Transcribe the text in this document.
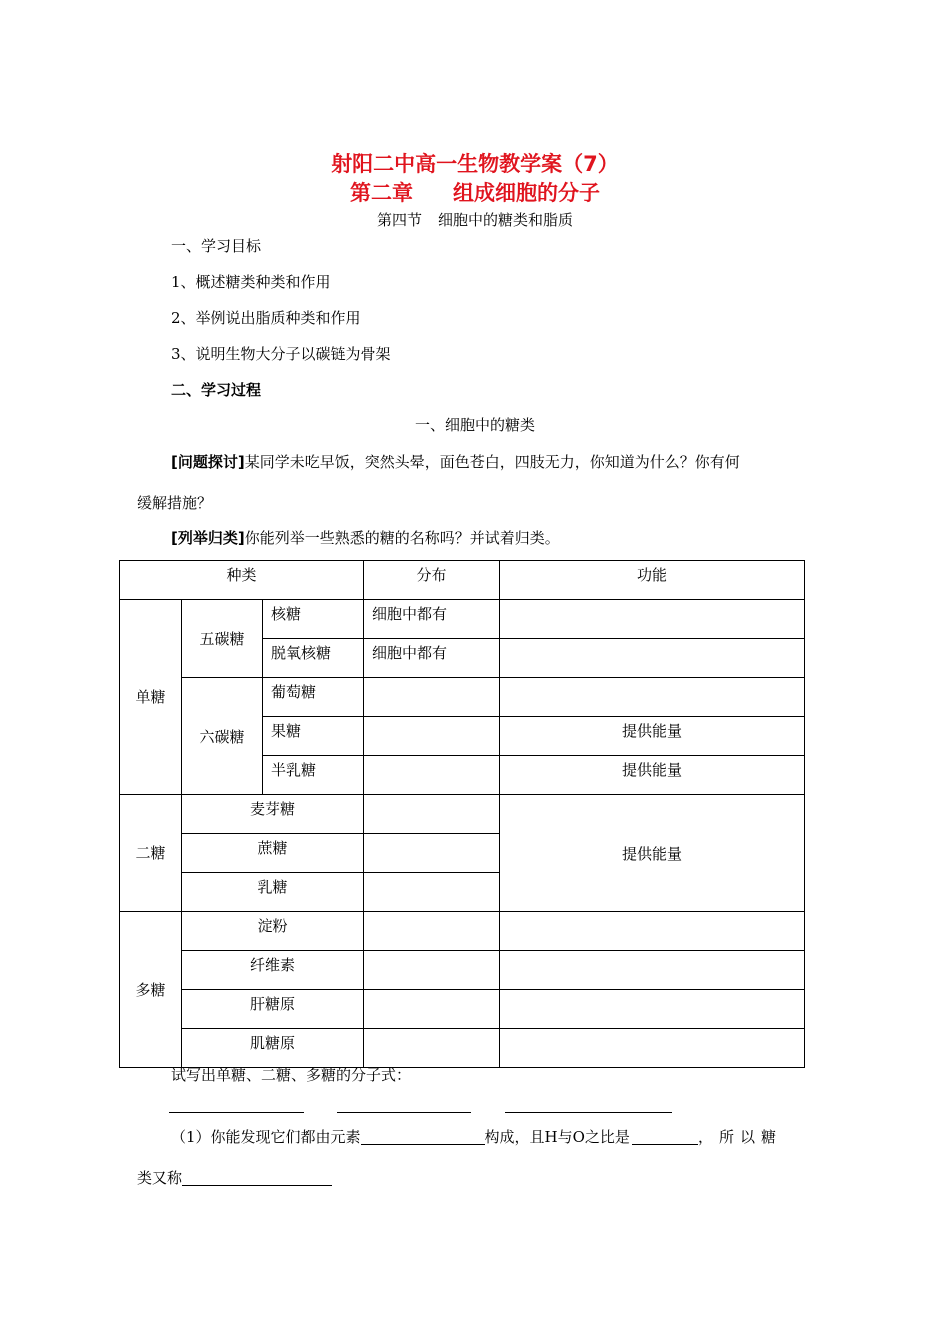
射阳二中高一生物教学案（7）
第二章 组成细胞的分子
第四节 细胞中的糖类和脂质
一、学习目标
1、概述糖类种类和作用
2、举例说出脂质种类和作用
3、说明生物大分子以碳链为骨架
二、学习过程
一、细胞中的糖类
[问题探讨]某同学未吃早饭，突然头晕，面色苍白，四肢无力，你知道为什么？你有何
缓解措施？
[列举归类]你能列举一些熟悉的糖的名称吗？并试着归类。
种类			分布	功能
单糖	五碳糖	核糖	细胞中都有	
		脱氧核糖	细胞中都有	
	六碳糖	葡萄糖		
		果糖		提供能量
		半乳糖		提供能量
二糖	麦芽糖			提供能量
	蔗糖			
	乳糖			
多糖	淀粉			
	纤维素			
	肝糖原			
	肌糖原			
试写出单糖、二糖、多糖的分子式：
（1）你能发现它们都由元素	构成，且H与O之比是	，所以糖
类又称
